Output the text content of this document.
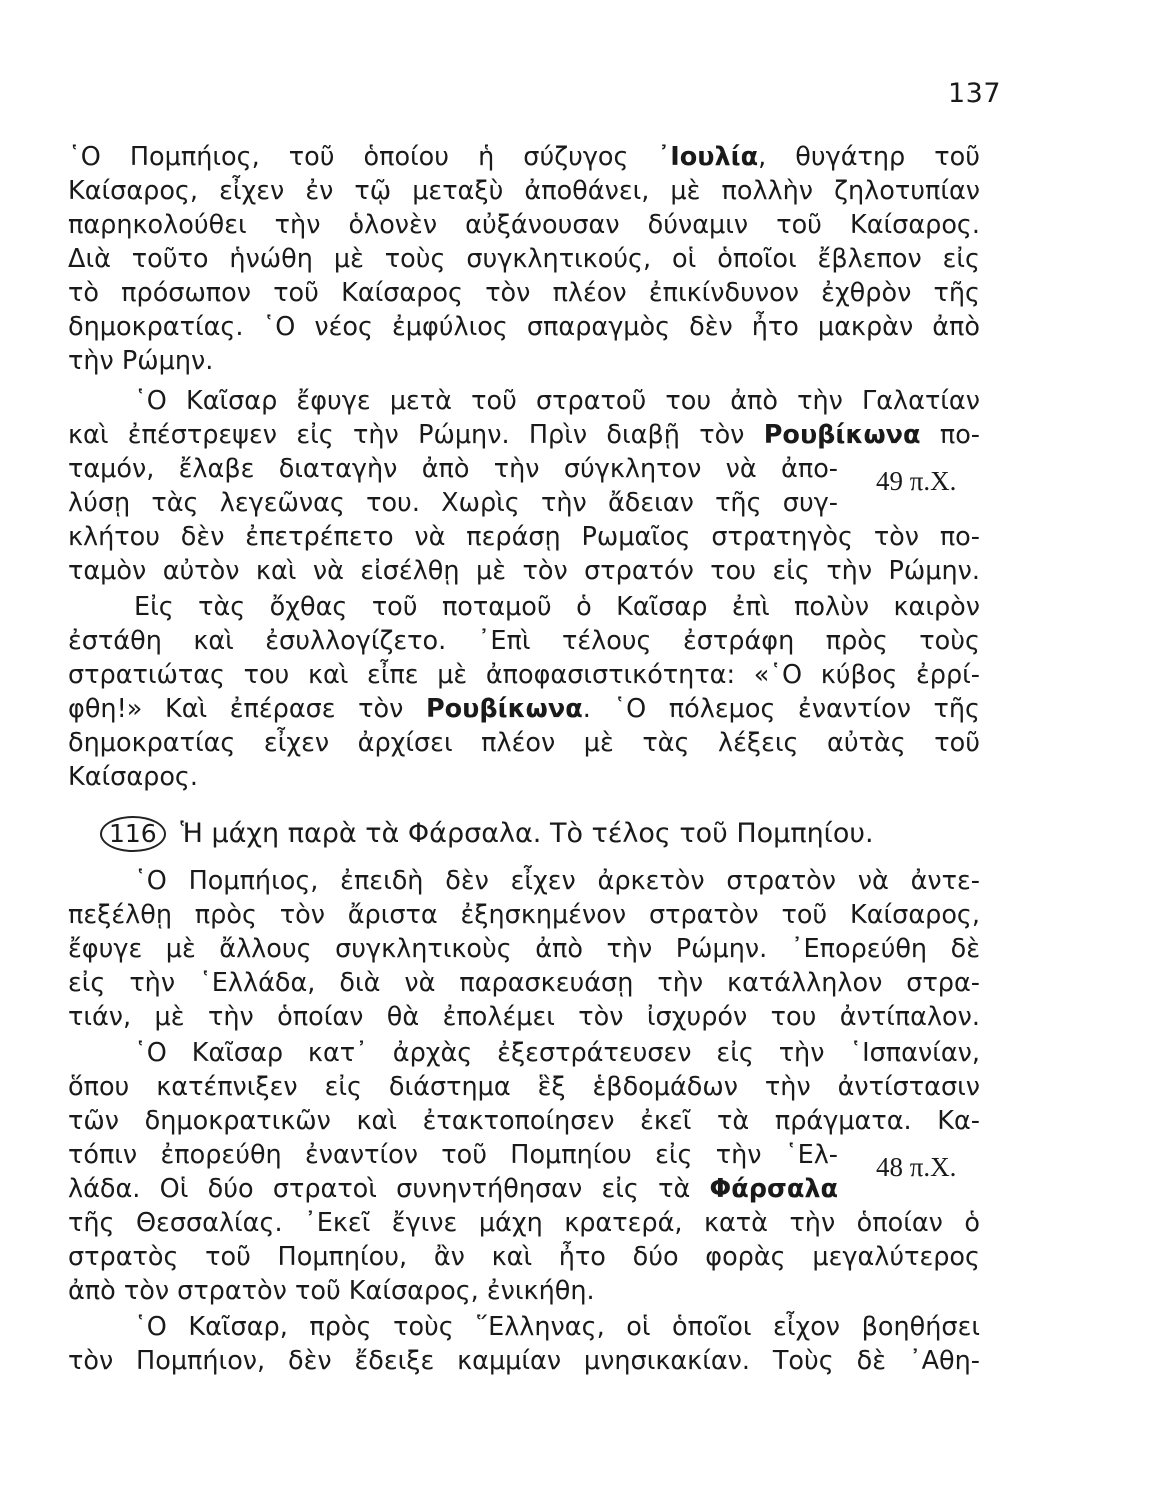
137
῾Ο Πομπήιος, τοῦ ὁποίου ἡ σύζυγος ᾿Ιουλία, θυγάτηρ τοῦ
Καίσαρος, εἶχεν ἐν τῷ μεταξὺ ἀποθάνει, μὲ πολλὴν ζηλοτυπίαν
παρηκολούθει τὴν ὁλονὲν αὐξάνουσαν δύναμιν τοῦ Καίσαρος.
Διὰ τοῦτο ἡνώθη μὲ τοὺς συγκλητικούς, οἱ ὁποῖοι ἔβλεπον εἰς
τὸ πρόσωπον τοῦ Καίσαρος τὸν πλέον ἐπικίνδυνον ἐχθρὸν τῆς
δημοκρατίας. ῾Ο νέος ἐμφύλιος σπαραγμὸς δὲν ἦτο μακρὰν ἀπὸ
τὴν Ρώμην.
῾Ο Καῖσαρ ἔφυγε μετὰ τοῦ στρατοῦ του ἀπὸ τὴν Γαλατίαν
καὶ ἐπέστρεψεν εἰς τὴν Ρώμην. Πρὶν διαβῇ τὸν Ρουβίκωνα πο-
ταμόν, ἔλαβε διαταγὴν ἀπὸ τὴν σύγκλητον νὰ ἀπο-
λύσῃ τὰς λεγεῶνας του. Χωρὶς τὴν ἄδειαν τῆς συγ-
κλήτου δὲν ἐπετρέπετο νὰ περάσῃ Ρωμαῖος στρατηγὸς τὸν πο-
ταμὸν αὐτὸν καὶ νὰ εἰσέλθῃ μὲ τὸν στρατόν του εἰς τὴν Ρώμην.
Εἰς τὰς ὄχθας τοῦ ποταμοῦ ὁ Καῖσαρ ἐπὶ πολὺν καιρὸν
ἐστάθη καὶ ἐσυλλογίζετο. ᾿Επὶ τέλους ἐστράφη πρὸς τοὺς
στρατιώτας του καὶ εἶπε μὲ ἀποφασιστικότητα: «῾Ο κύβος ἐρρί-
φθη!» Καὶ ἐπέρασε τὸν Ρουβίκωνα. ῾Ο πόλεμος ἐναντίον τῆς
δημοκρατίας εἶχεν ἀρχίσει πλέον μὲ τὰς λέξεις αὐτὰς τοῦ
Καίσαρος.
49 π.Χ.
116 Ἡ μάχη παρὰ τὰ Φάρσαλα. Τὸ τέλος τοῦ Πομπηίου.
῾Ο Πομπήιος, ἐπειδὴ δὲν εἶχεν ἀρκετὸν στρατὸν νὰ ἀντε-
πεξέλθῃ πρὸς τὸν ἄριστα ἐξησκημένον στρατὸν τοῦ Καίσαρος,
ἔφυγε μὲ ἄλλους συγκλητικοὺς ἀπὸ τὴν Ρώμην. ᾿Επορεύθη δὲ
εἰς τὴν ῾Ελλάδα, διὰ νὰ παρασκευάσῃ τὴν κατάλληλον στρα-
τιάν, μὲ τὴν ὁποίαν θὰ ἐπολέμει τὸν ἰσχυρόν του ἀντίπαλον.
῾Ο Καῖσαρ κατ᾿ ἀρχὰς ἐξεστράτευσεν εἰς τὴν ῾Ισπανίαν,
ὅπου κατέπνιξεν εἰς διάστημα ἓξ ἑβδομάδων τὴν ἀντίστασιν
τῶν δημοκρατικῶν καὶ ἐτακτοποίησεν ἐκεῖ τὰ πράγματα. Κα-
τόπιν ἐπορεύθη ἐναντίον τοῦ Πομπηίου εἰς τὴν ῾Ελ-
λάδα. Οἱ δύο στρατοὶ συνηντήθησαν εἰς τὰ Φάρσαλα
τῆς Θεσσαλίας. ᾿Εκεῖ ἔγινε μάχη κρατερά, κατὰ τὴν ὁποίαν ὁ
στρατὸς τοῦ Πομπηίου, ἂν καὶ ἦτο δύο φορὰς μεγαλύτερος
ἀπὸ τὸν στρατὸν τοῦ Καίσαρος, ἐνικήθη.
῾Ο Καῖσαρ, πρὸς τοὺς ῞Ελληνας, οἱ ὁποῖοι εἶχον βοηθήσει
τὸν Πομπήιον, δὲν ἔδειξε καμμίαν μνησικακίαν. Τοὺς δὲ ᾿Αθη-
48 π.Χ.
